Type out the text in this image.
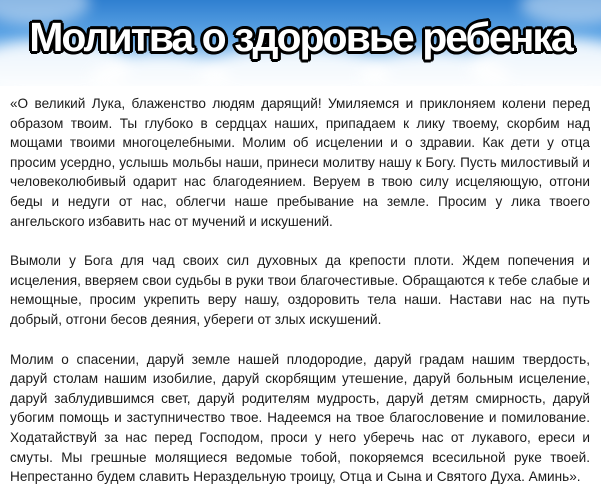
Молитва о здоровье ребенка

«О великий Лука, блаженство людям дарящий! Умиляемся и приклоняем колени перед образом твоим. Ты глубоко в сердцах наших, припадаем к лику твоему, скорбим над мощами твоими многоцелебными. Молим об исцелении и о здравии. Как дети у отца просим усердно, услышь мольбы наши, принеси молитву нашу к Богу. Пусть милостивый и человеколюбивый одарит нас благодеянием. Веруем в твою силу исцеляющую, отгони беды и недуги от нас, облегчи наше пребывание на земле. Просим у лика твоего ангельского избавить нас от мучений и искушений.

Вымоли у Бога для чад своих сил духовных да крепости плоти. Ждем попечения и исцеления, вверяем свои судьбы в руки твои благочестивые. Обращаются к тебе слабые и немощные, просим укрепить веру нашу, оздоровить тела наши. Настави нас на путь добрый, отгони бесов деяния, убереги от злых искушений.

Молим о спасении, даруй земле нашей плодородие, даруй градам нашим твердость, даруй столам нашим изобилие, даруй скорбящим утешение, даруй больным исцеление, даруй заблудившимся свет, даруй родителям мудрость, даруй детям смирность, даруй убогим помощь и заступничество твое. Надеемся на твое благословение и помилование. Ходатайствуй за нас перед Господом, проси у него уберечь нас от лукавого, ереси и смуты. Мы грешные молящиеся ведомые тобой, покоряемся всесильной руке твоей. Непрестанно будем славить Нераздельную троицу, Отца и Сына и Святого Духа. Аминь».
